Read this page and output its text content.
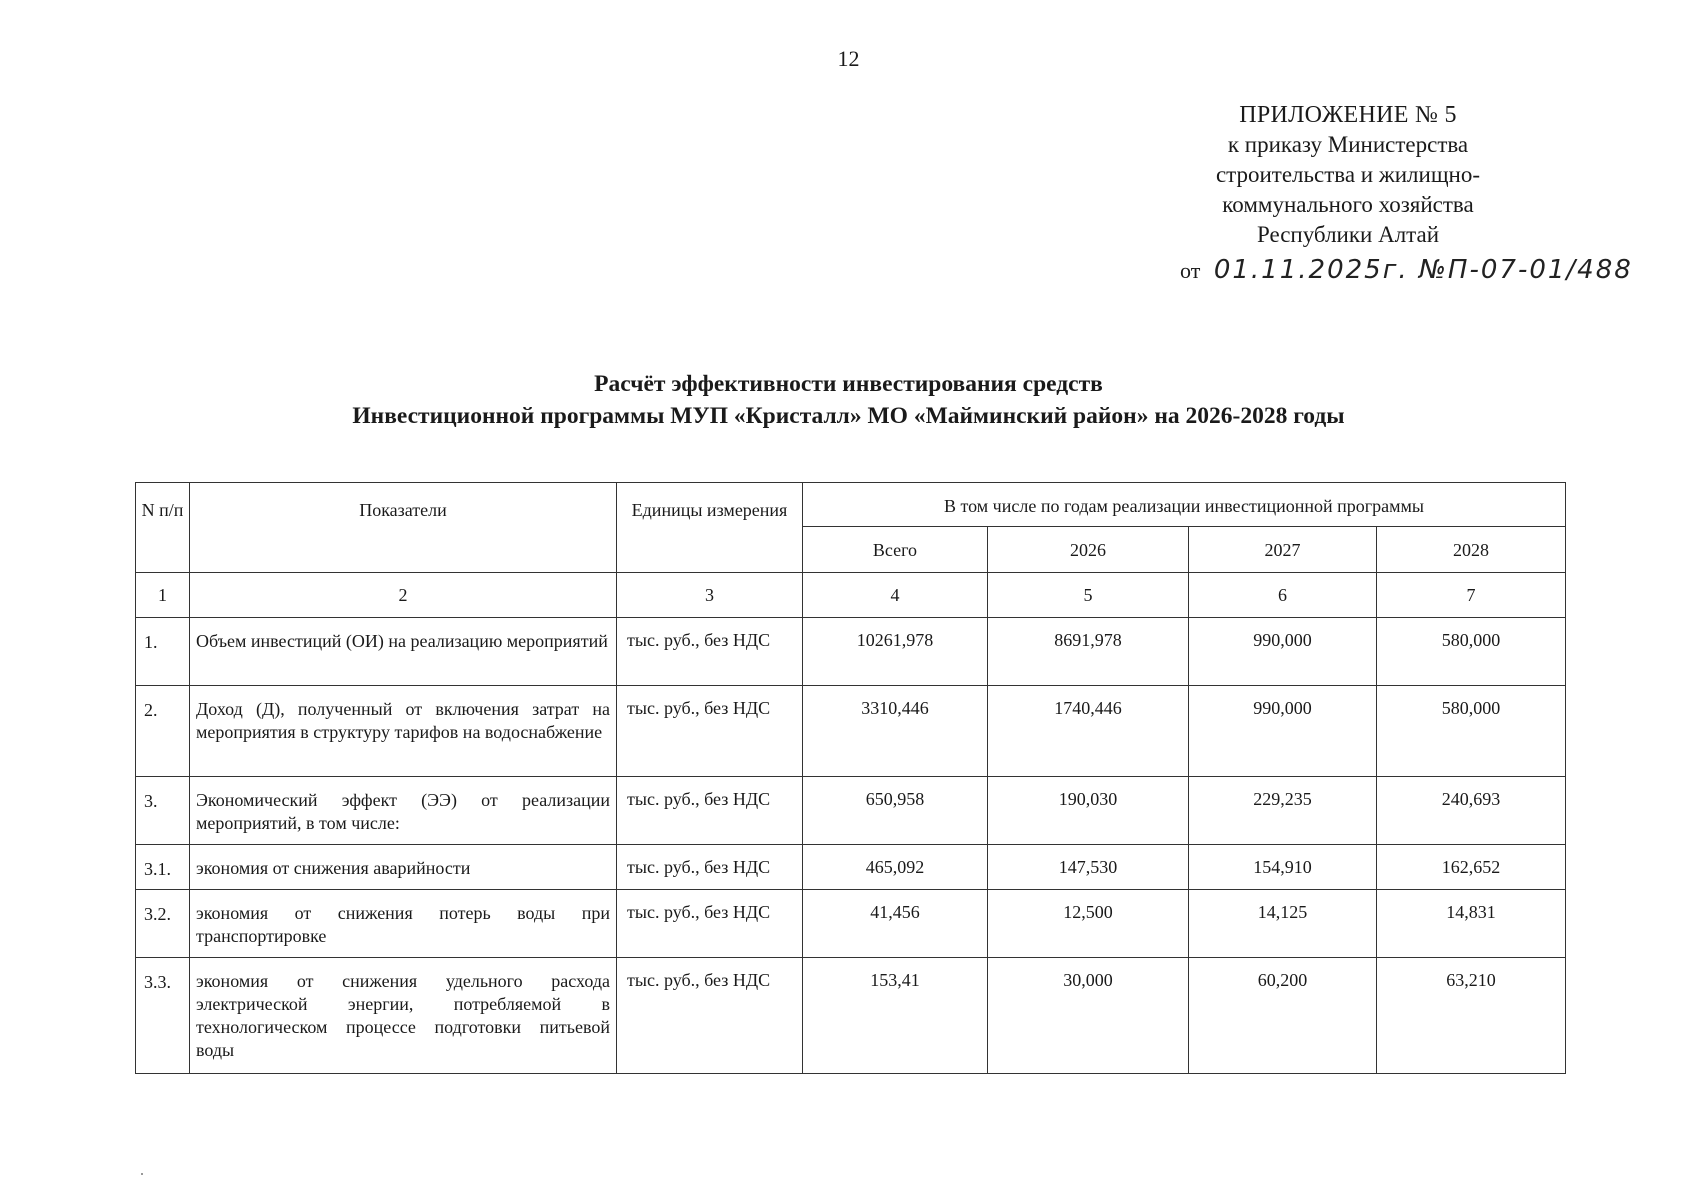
12
ПРИЛОЖЕНИЕ № 5
к приказу Министерства
строительства и жилищно-
коммунального хозяйства
Республики Алтай
от 01.11.2025г. №П-07-01/488
Расчёт эффективности инвестирования средств
Инвестиционной программы МУП «Кристалл» МО «Майминский район» на 2026-2028 годы
N п/п	Показатели	Единицы измерения	В том числе по годам реализации инвестиционной программы			
			Всего	2026	2027	2028
1	2	3	4	5	6	7
1.	Объем инвестиций (ОИ) на реализацию мероприятий	тыс. руб., без НДС	10261,978	8691,978	990,000	580,000
2.	Доход (Д), полученный от включения затрат на мероприятия в структуру тарифов на водоснабжение	тыс. руб., без НДС	3310,446	1740,446	990,000	580,000
3.	Экономический эффект (ЭЭ) от реализации мероприятий, в том числе:	тыс. руб., без НДС	650,958	190,030	229,235	240,693
3.1.	экономия от снижения аварийности	тыс. руб., без НДС	465,092	147,530	154,910	162,652
3.2.	экономия от снижения потерь воды при транспортировке	тыс. руб., без НДС	41,456	12,500	14,125	14,831
3.3.	экономия от снижения удельного расхода электрической энергии, потребляемой в технологическом процессе подготовки питьевой воды	тыс. руб., без НДС	153,41	30,000	60,200	63,210
